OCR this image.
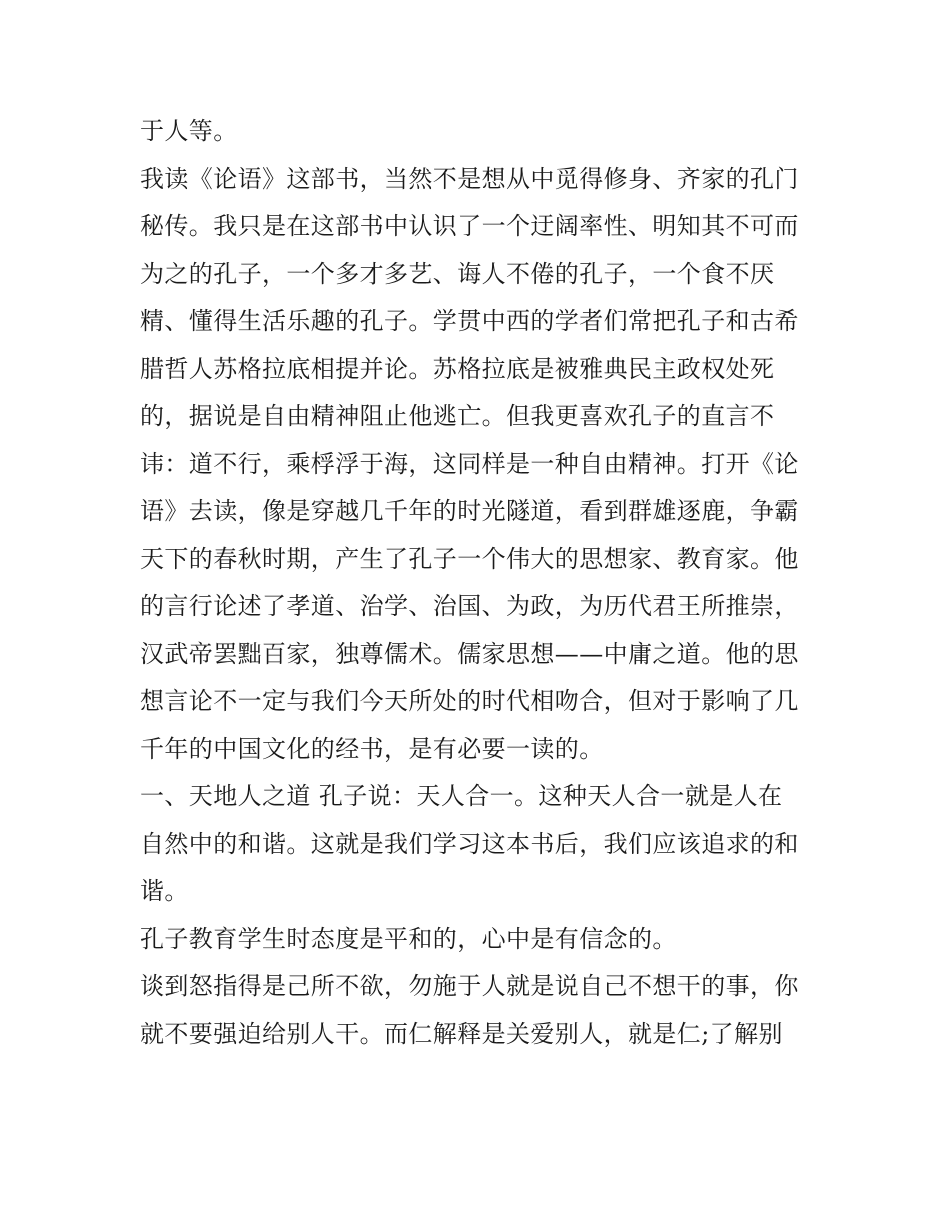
于人等。
我读《论语》这部书，当然不是想从中觅得修身、齐家的孔门
秘传。我只是在这部书中认识了一个迂阔率性、明知其不可而
为之的孔子，一个多才多艺、诲人不倦的孔子，一个食不厌
精、懂得生活乐趣的孔子。学贯中西的学者们常把孔子和古希
腊哲人苏格拉底相提并论。苏格拉底是被雅典民主政权处死
的，据说是自由精神阻止他逃亡。但我更喜欢孔子的直言不
讳：道不行，乘桴浮于海，这同样是一种自由精神。打开《论
语》去读，像是穿越几千年的时光隧道，看到群雄逐鹿，争霸
天下的春秋时期，产生了孔子一个伟大的思想家、教育家。他
的言行论述了孝道、治学、治国、为政，为历代君王所推崇，
汉武帝罢黜百家，独尊儒术。儒家思想——中庸之道。他的思
想言论不一定与我们今天所处的时代相吻合，但对于影响了几
千年的中国文化的经书，是有必要一读的。
一、天地人之道 孔子说：天人合一。这种天人合一就是人在
自然中的和谐。这就是我们学习这本书后，我们应该追求的和
谐。
孔子教育学生时态度是平和的，心中是有信念的。
谈到怒指得是己所不欲，勿施于人就是说自己不想干的事，你
就不要强迫给别人干。而仁解释是关爱别人，就是仁;了解别
